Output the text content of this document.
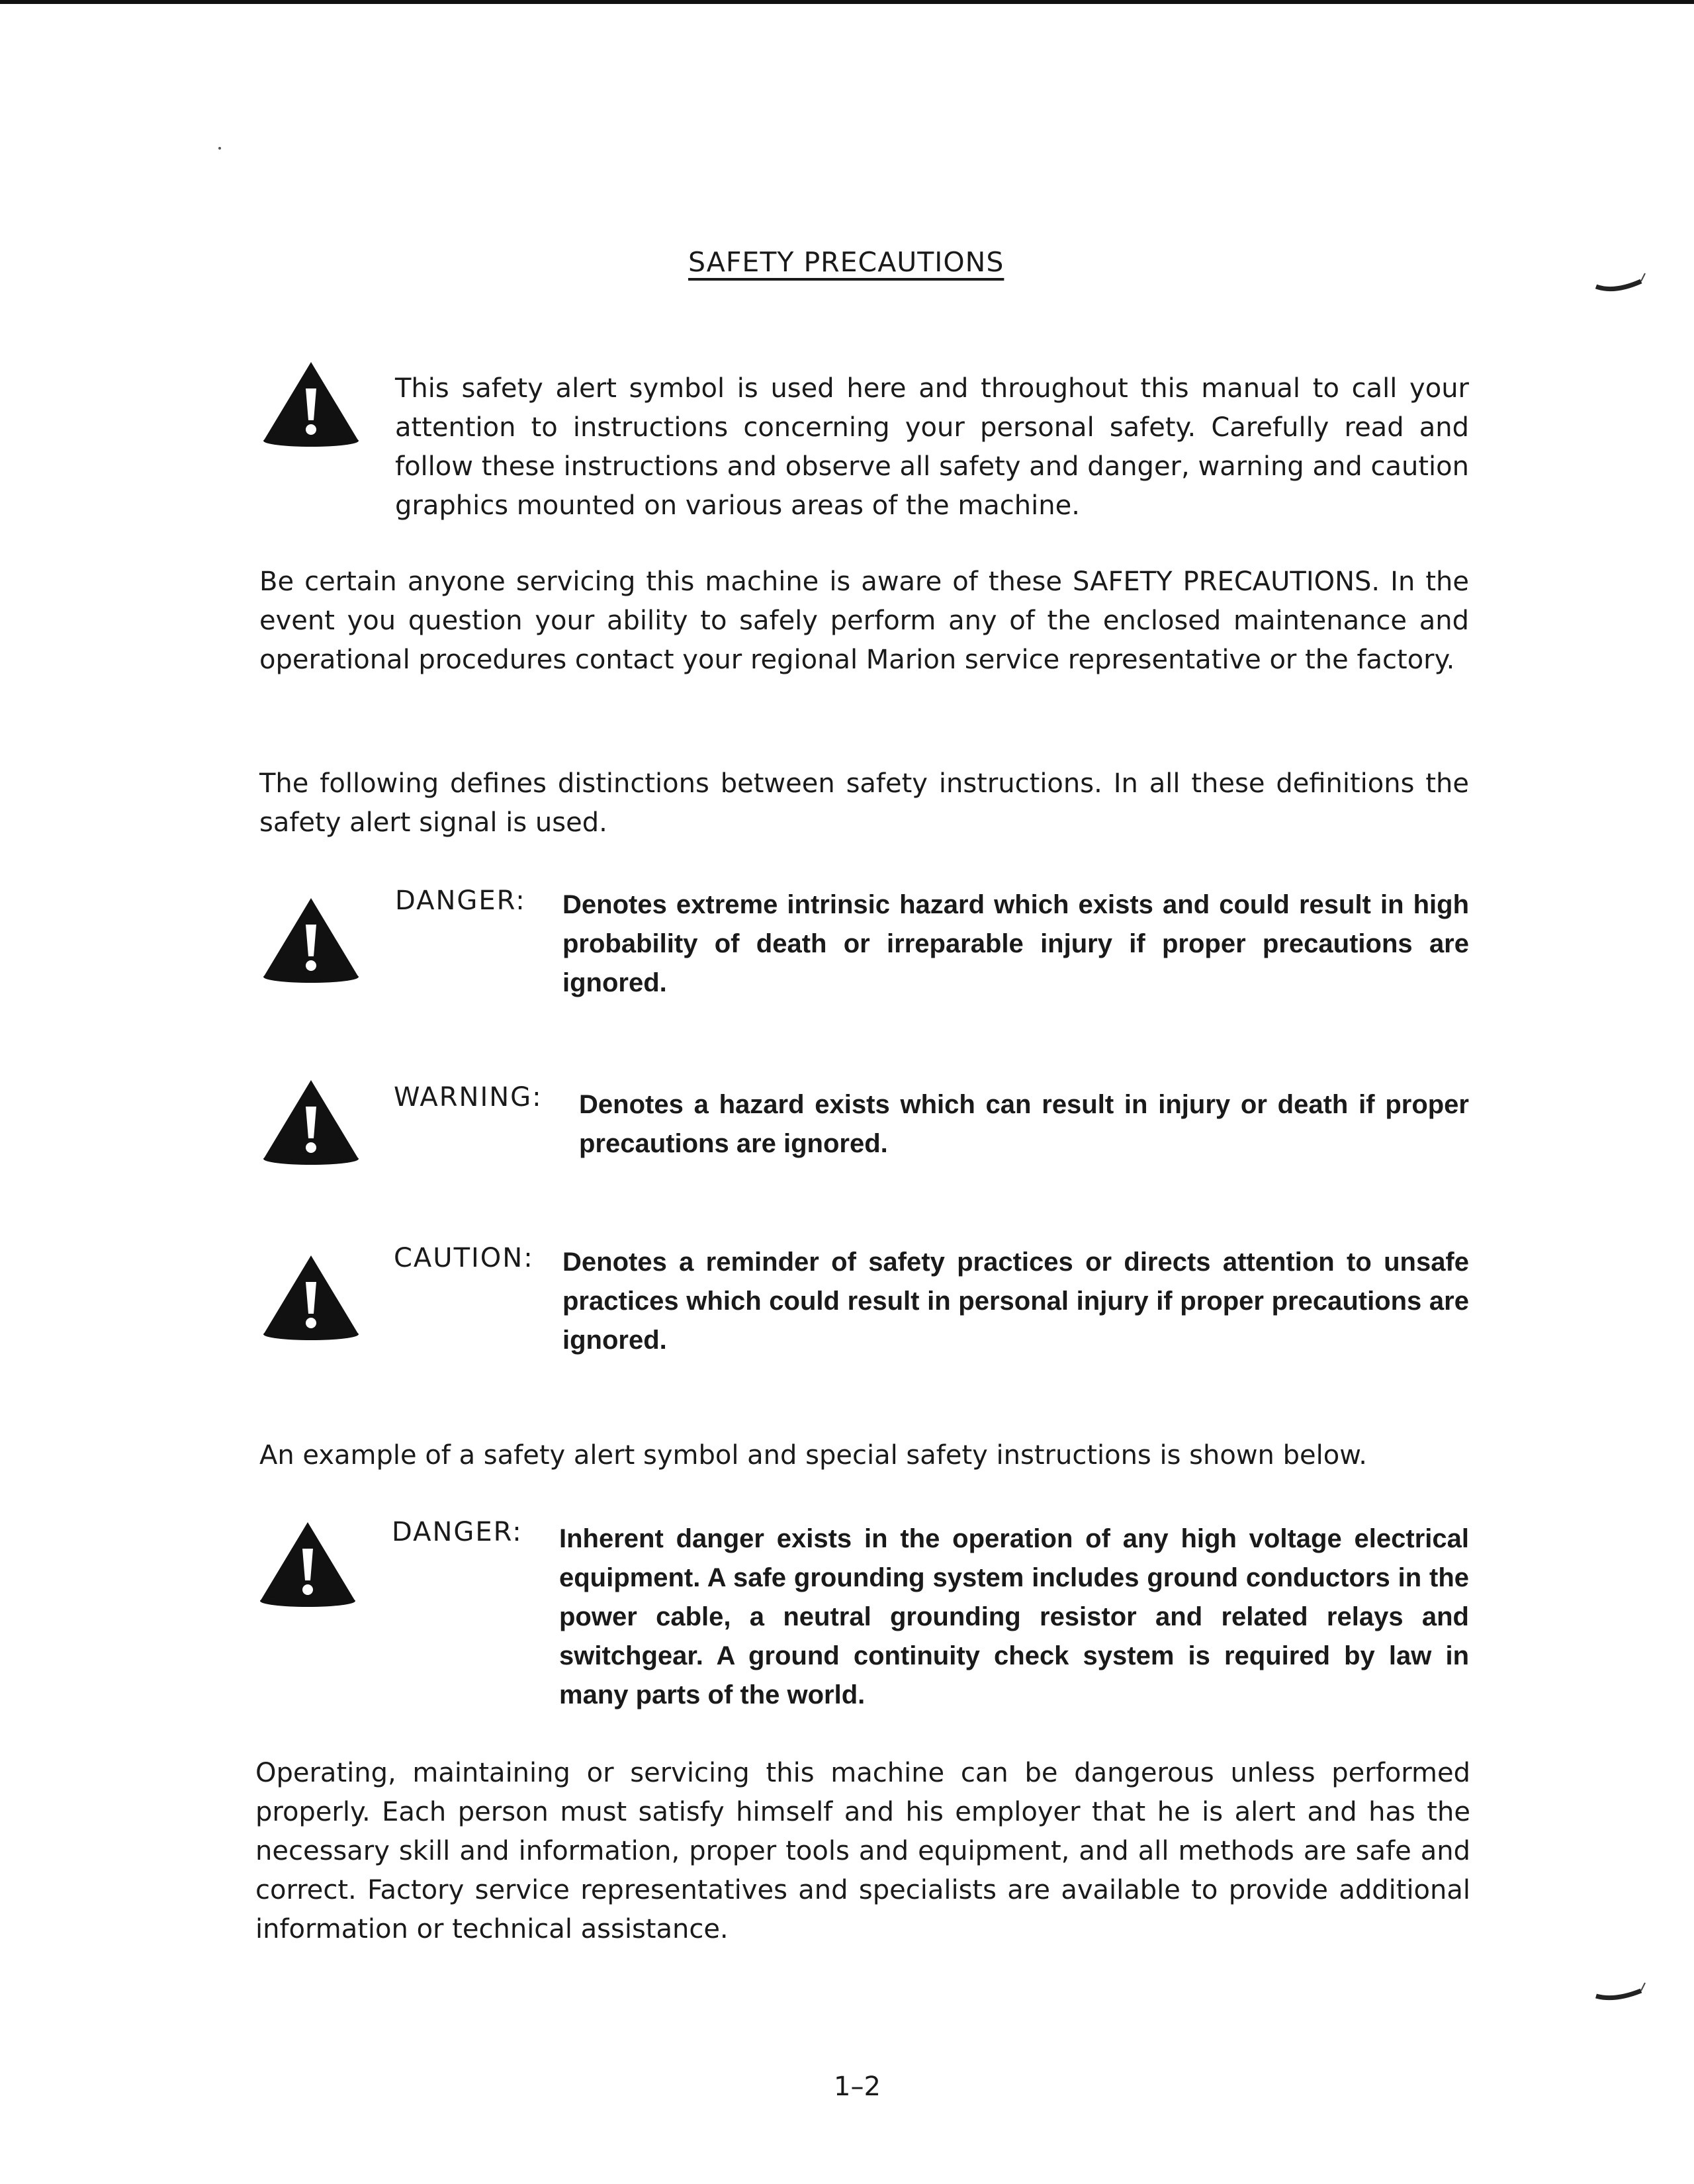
SAFETY PRECAUTIONS
This safety alert symbol is used here and throughout this manual to call your attention to instructions concerning your personal safety. Carefully read and follow these instructions and observe all safety and danger, warning and caution graphics mounted on various areas of the machine.
Be certain anyone servicing this machine is aware of these SAFETY PRECAUTIONS. In the event you question your ability to safely perform any of the enclosed maintenance and operational procedures contact your regional Marion service representative or the factory.
The following defines distinctions between safety instructions. In all these definitions the safety alert signal is used.
DANGER: Denotes extreme intrinsic hazard which exists and could result in high probability of death or irreparable injury if proper precautions are ignored.
WARNING: Denotes a hazard exists which can result in injury or death if proper precautions are ignored.
CAUTION: Denotes a reminder of safety practices or directs attention to unsafe practices which could result in personal injury if proper precautions are ignored.
An example of a safety alert symbol and special safety instructions is shown below.
DANGER: Inherent danger exists in the operation of any high voltage electrical equipment. A safe grounding system includes ground conductors in the power cable, a neutral grounding resistor and related relays and switchgear. A ground continuity check system is required by law in many parts of the world.
Operating, maintaining or servicing this machine can be dangerous unless performed properly. Each person must satisfy himself and his employer that he is alert and has the necessary skill and information, proper tools and equipment, and all methods are safe and correct. Factory service representatives and specialists are available to provide additional information or technical assistance.
1–2
